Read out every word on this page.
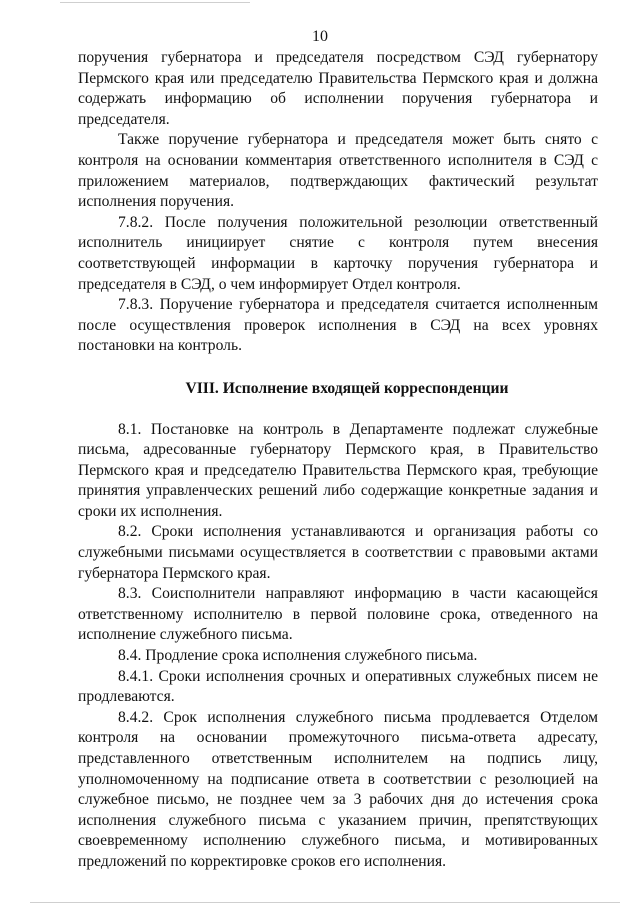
10

поручения губернатора и председателя посредством СЭД губернатору Пермского края или председателю Правительства Пермского края и должна содержать информацию об исполнении поручения губернатора и председателя.

Также поручение губернатора и председателя может быть снято с контроля на основании комментария ответственного исполнителя в СЭД с приложением материалов, подтверждающих фактический результат исполнения поручения.

7.8.2. После получения положительной резолюции ответственный исполнитель инициирует снятие с контроля путем внесения соответствующей информации в карточку поручения губернатора и председателя в СЭД, о чем информирует Отдел контроля.

7.8.3. Поручение губернатора и председателя считается исполненным после осуществления проверок исполнения в СЭД на всех уровнях постановки на контроль.

VIII. Исполнение входящей корреспонденции

8.1. Постановке на контроль в Департаменте подлежат служебные письма, адресованные губернатору Пермского края, в Правительство Пермского края и председателю Правительства Пермского края, требующие принятия управленческих решений либо содержащие конкретные задания и сроки их исполнения.

8.2. Сроки исполнения устанавливаются и организация работы со служебными письмами осуществляется в соответствии с правовыми актами губернатора Пермского края.

8.3. Соисполнители направляют информацию в части касающейся ответственному исполнителю в первой половине срока, отведенного на исполнение служебного письма.

8.4. Продление срока исполнения служебного письма.

8.4.1. Сроки исполнения срочных и оперативных служебных писем не продлеваются.

8.4.2. Срок исполнения служебного письма продлевается Отделом контроля на основании промежуточного письма-ответа адресату, представленного ответственным исполнителем на подпись лицу, уполномоченному на подписание ответа в соответствии с резолюцией на служебное письмо, не позднее чем за 3 рабочих дня до истечения срока исполнения служебного письма с указанием причин, препятствующих своевременному исполнению служебного письма, и мотивированных предложений по корректировке сроков его исполнения.
